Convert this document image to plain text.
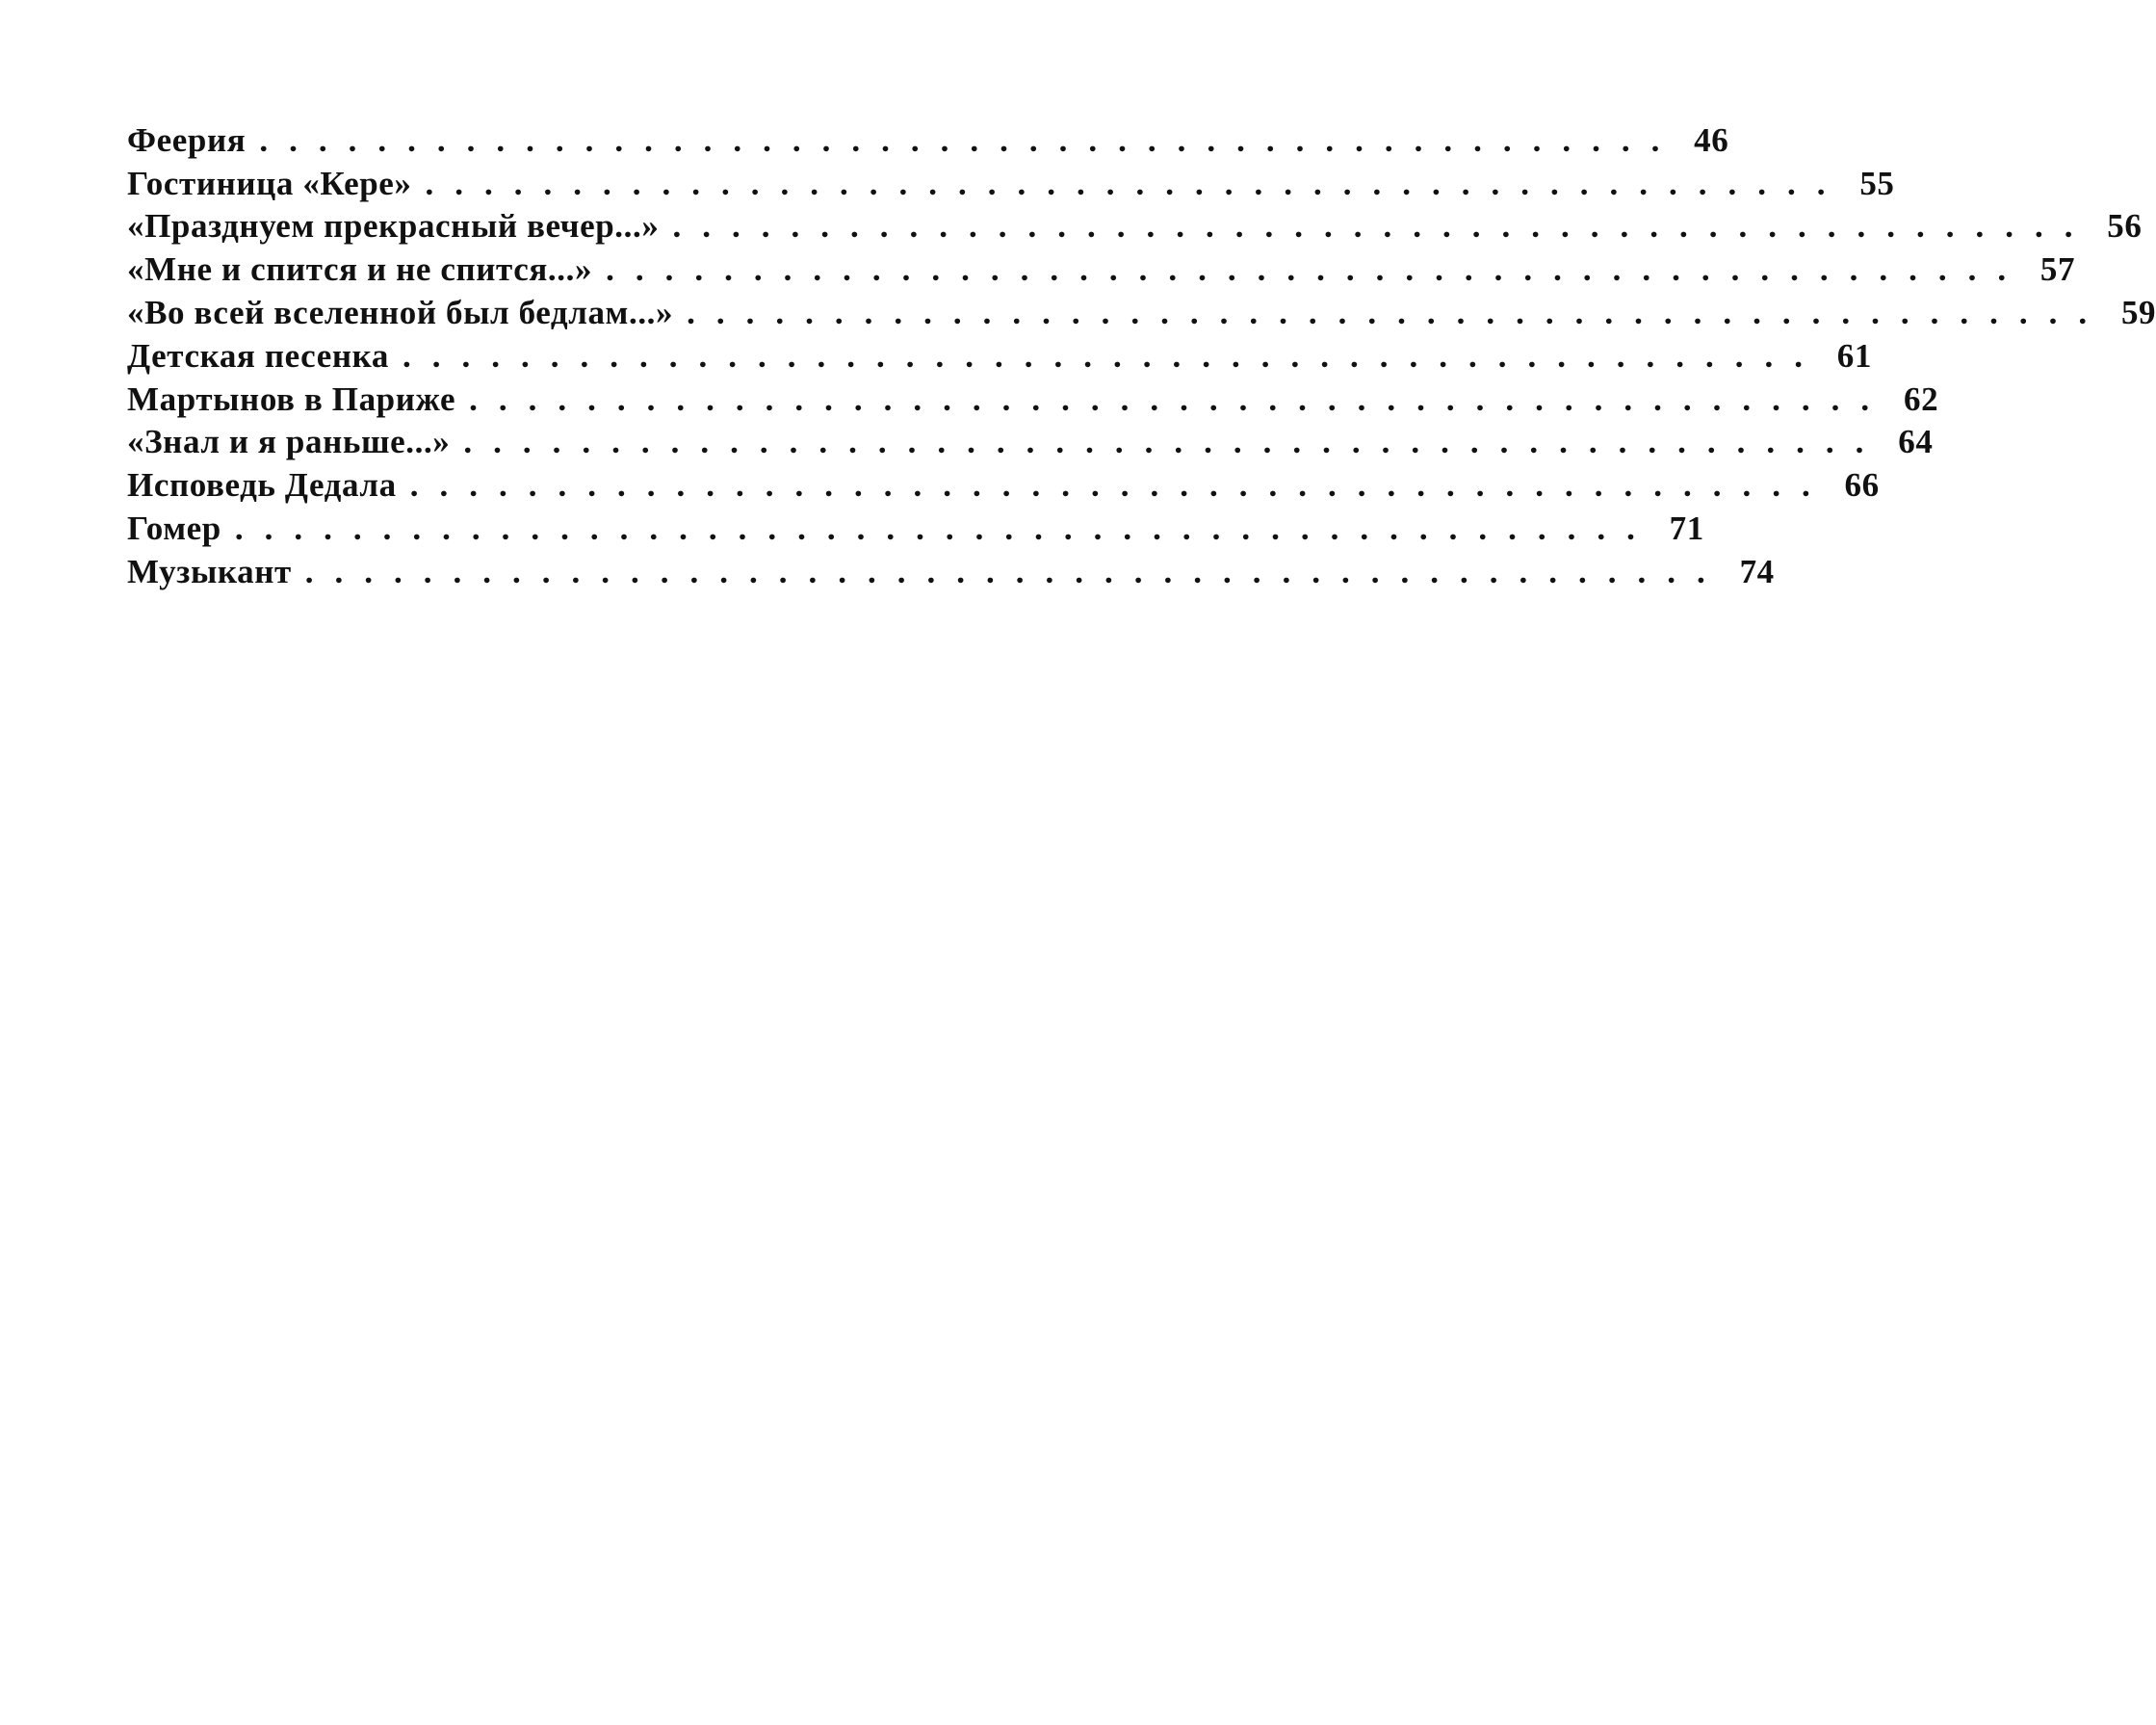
Феерия ................................................ 46
Гостиница «Кере» ................................................ 55
«Празднуем прекрасный вечер...» ................................................ 56
«Мне и спится и не спится...» ................................................ 57
«Во всей вселенной был бедлам...» ................................................ 59
Детская песенка ................................................ 61
Мартынов в Париже ................................................ 62
«Знал и я раньше...» ................................................ 64
Исповедь Дедала ................................................ 66
Гомер ................................................ 71
Музыкант ................................................ 74
